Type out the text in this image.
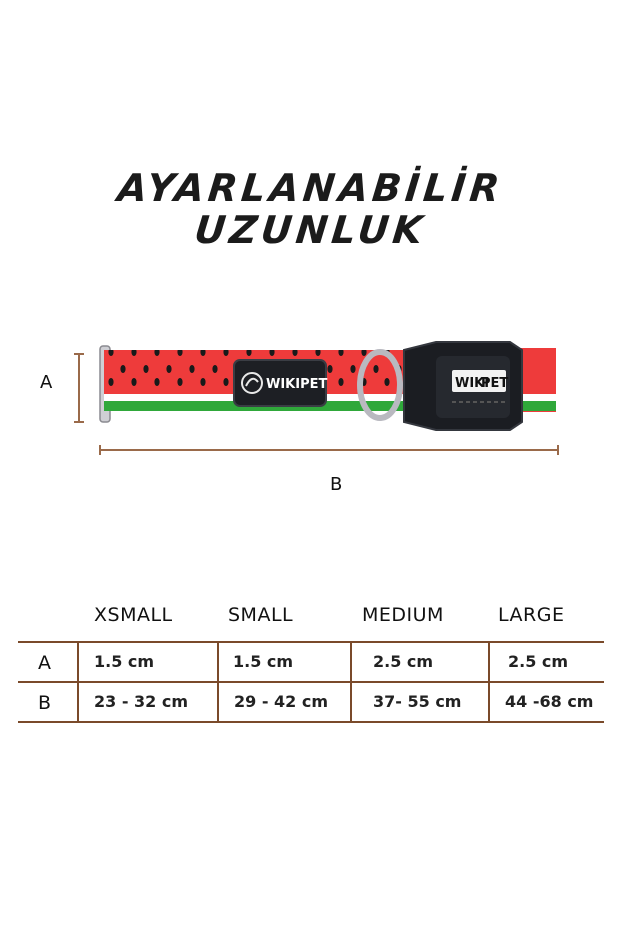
AYARLANABİLİR
UZUNLUK
A
B
WIKIPET	WIKI
PET
XSMALL	SMALL	MEDIUM	LARGE
A	1.5 cm	1.5 cm	2.5 cm	2.5 cm
B	23 - 32 cm	29 - 42 cm	37- 55 cm	44 -68 cm
